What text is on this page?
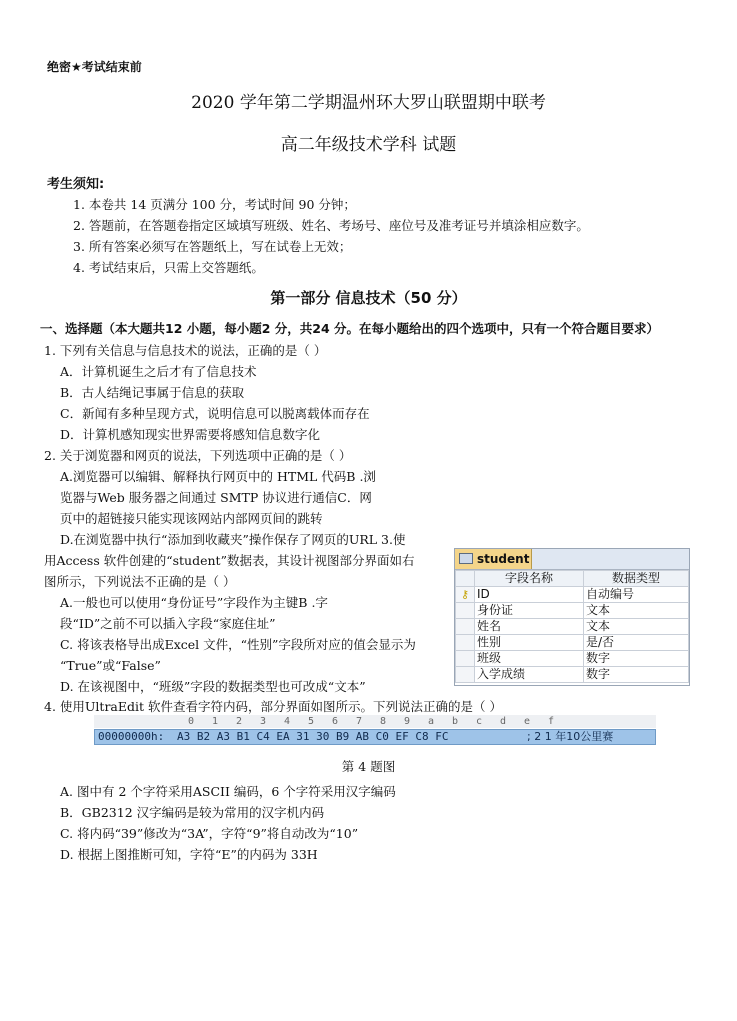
绝密★考试结束前
2020 学年第二学期温州环大罗山联盟期中联考
高二年级技术学科 试题
考生须知:
1. 本卷共 14 页满分 100 分，考试时间 90 分钟；
2. 答题前，在答题卷指定区域填写班级、姓名、考场号、座位号及准考证号并填涂相应数字。
3. 所有答案必须写在答题纸上，写在试卷上无效；
4. 考试结束后，只需上交答题纸。
第一部分 信息技术（50 分）
一、选择题（本大题共12 小题，每小题2 分，共24 分。在每小题给出的四个选项中，只有一个符合题目要求）
1. 下列有关信息与信息技术的说法，正确的是（ ）
A．计算机诞生之后才有了信息技术
B．古人结绳记事属于信息的获取
C．新闻有多种呈现方式，说明信息可以脱离载体而存在
D．计算机感知现实世界需要将感知信息数字化
2. 关于浏览器和网页的说法，下列选项中正确的是（ ）
A.浏览器可以编辑、解释执行网页中的 HTML 代码B .浏
览器与Web 服务器之间通过 SMTP 协议进行通信C．网
页中的超链接只能实现该网站内部网页间的跳转
D.在浏览器中执行“添加到收藏夹”操作保存了网页的URL 3.使
用Access 软件创建的“student”数据表，其设计视图部分界面如右
图所示，下列说法不正确的是（ ）
A.一般也可以使用“身份证号”字段作为主键B .字
段“ID”之前不可以插入字段“家庭住址”
C. 将该表格导出成Excel 文件，“性别”字段所对应的值会显示为
“True”或“False”
D. 在该视图中，“班级”字段的数据类型也可改成“文本”
student
	字段名称	数据类型
⚷	ID	自动编号
	身份证	文本
	姓名	文本
	性别	是/否
	班级	数字
	入学成绩	数字
4. 使用UltraEdit 软件查看字符内码，部分界面如图所示。下列说法正确的是（ ）
0 1 2 3 4 5 6 7 8 9 a b c d e f
00000000h: A3 B2 A3 B1 C4 EA 31 30 B9 AB C0 EF C8 FC	; 2 1 年10公里赛
第 4 题图
A. 图中有 2 个字符采用ASCII 编码，6 个字符采用汉字编码
B．GB2312 汉字编码是较为常用的汉字机内码
C. 将内码“39”修改为“3A”，字符“9”将自动改为“10”
D. 根据上图推断可知，字符“E”的内码为 33H
